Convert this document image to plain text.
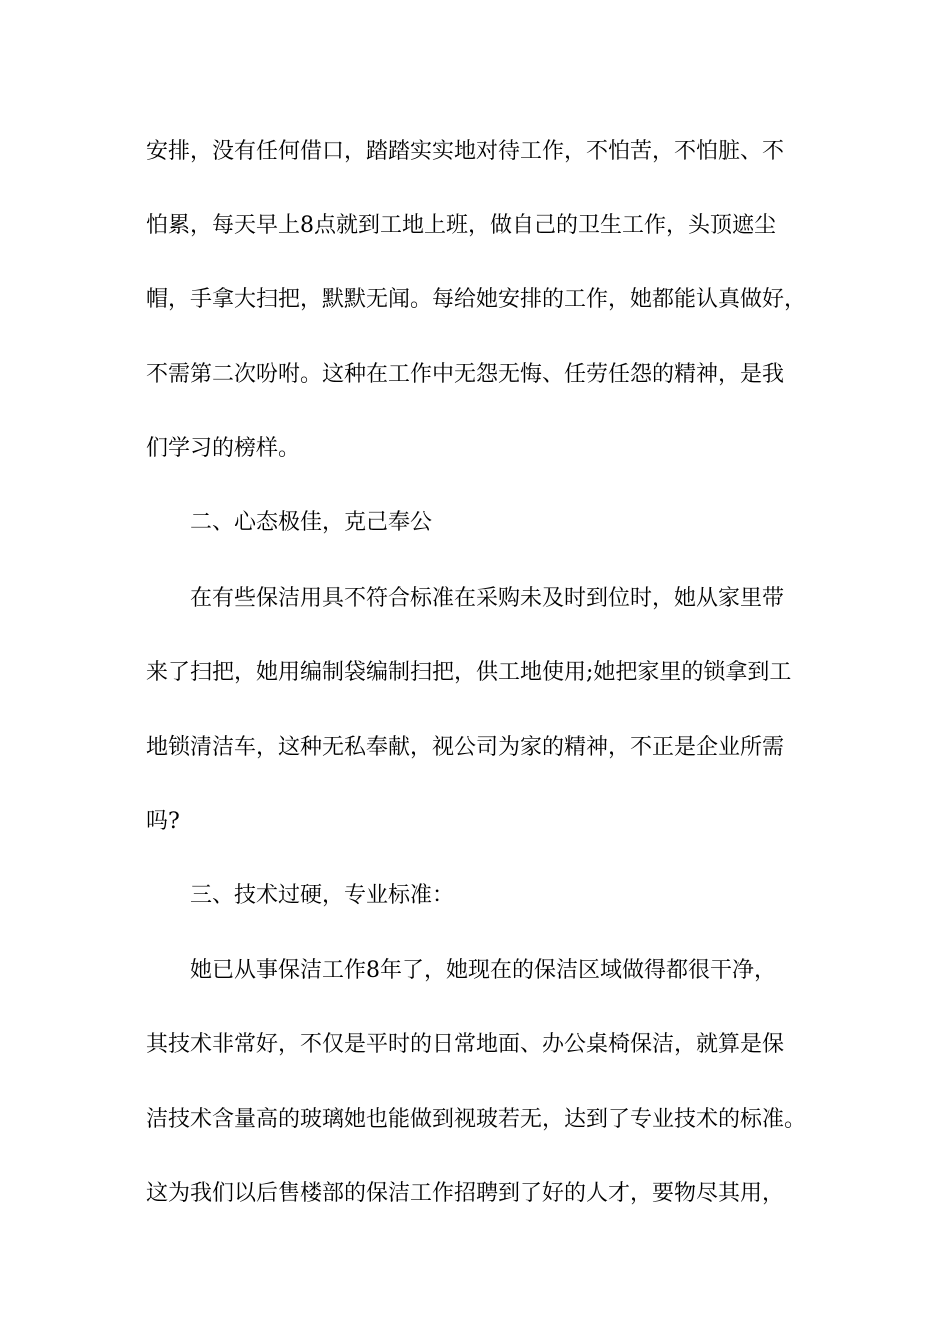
安排，没有任何借口，踏踏实实地对待工作，不怕苦，不怕脏、不
怕累，每天早上8点就到工地上班，做自己的卫生工作，头顶遮尘
帽，手拿大扫把，默默无闻。每给她安排的工作，她都能认真做好，
不需第二次吩咐。这种在工作中无怨无悔、任劳任怨的精神，是我
们学习的榜样。
二、心态极佳，克己奉公
在有些保洁用具不符合标准在采购未及时到位时，她从家里带
来了扫把，她用编制袋编制扫把，供工地使用;她把家里的锁拿到工
地锁清洁车，这种无私奉献，视公司为家的精神，不正是企业所需
吗?
三、技术过硬，专业标准：
她已从事保洁工作8年了，她现在的保洁区域做得都很干净，
其技术非常好，不仅是平时的日常地面、办公桌椅保洁，就算是保
洁技术含量高的玻璃她也能做到视玻若无，达到了专业技术的标准。
这为我们以后售楼部的保洁工作招聘到了好的人才，要物尽其用，
